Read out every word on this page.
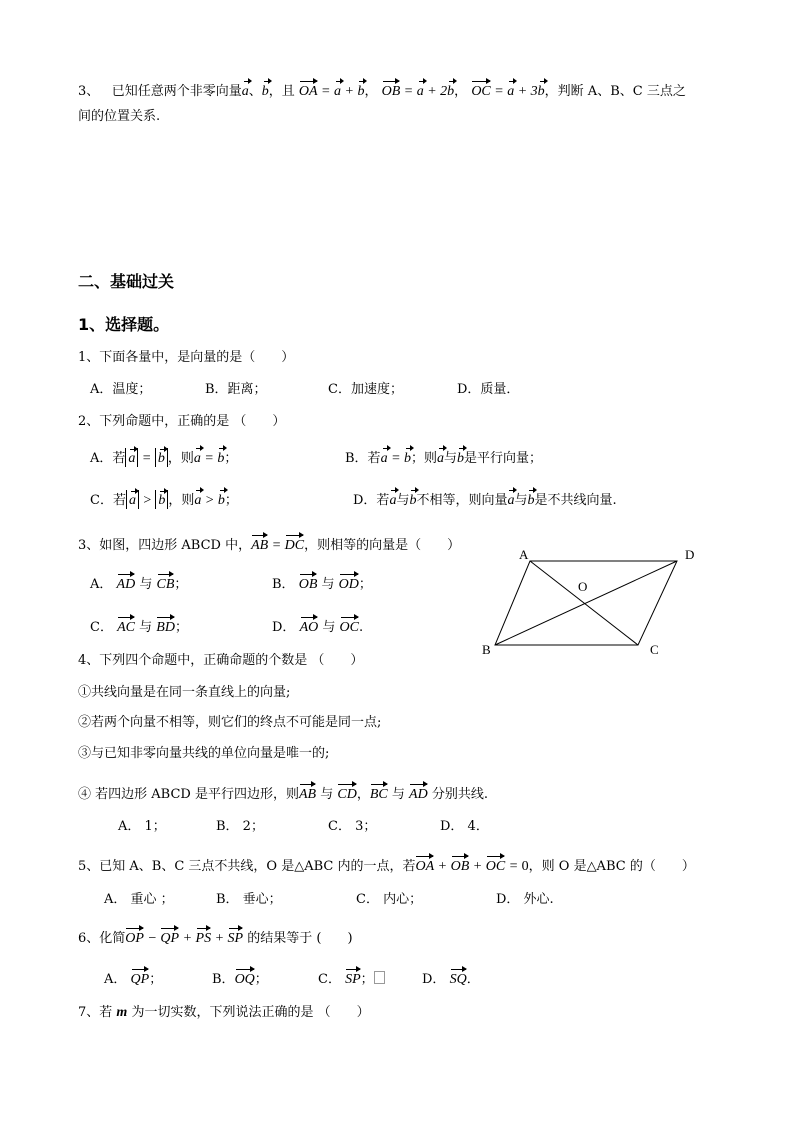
3、 已知任意两个非零向量a、b，且 OA = a + b， OB = a + 2b， OC = a + 3b，判断 A、B、C 三点之
间的位置关系.
二、基础过关
1、选择题。
1、下面各量中，是向量的是（　　）
A．温度；	B．距离；	C．加速度；	D．质量．
2、下列命题中，正确的是 （　　）
A．若 a = b ，则a = b；	B．若a = b；则a与b是平行向量；
C．若 a > b ，则a > b；	D．若a与b不相等，则向量a与b是不共线向量.
3、如图，四边形 ABCD 中，AB = DC，则相等的向量是（　　）
A． AD 与 CB；	B． OB 与 OD；
C． AC 与 BD；	D． AO 与 OC.
A	D
B	C
O
4、下列四个命题中，正确命题的个数是 （　　）
①共线向量是在同一条直线上的向量;
②若两个向量不相等，则它们的终点不可能是同一点;
③与已知非零向量共线的单位向量是唯一的;
④ 若四边形 ABCD 是平行四边形，则AB 与 CD，BC 与 AD 分别共线.
A． 1；	B． 2；	C． 3；	D． 4．
5、已知 A、B、C 三点不共线，O 是△ABC 内的一点，若OA + OB + OC = 0，则 O 是△ABC 的（　　）
A． 重心 ；	B． 垂心；	C． 内心；	D． 外心.
6、化简OP − QP + PS + SP 的结果等于 (　　)
A． QP；	B．OQ；	C． SP；	D． SQ．
7、若 m 为一切实数，下列说法正确的是 （　　）
